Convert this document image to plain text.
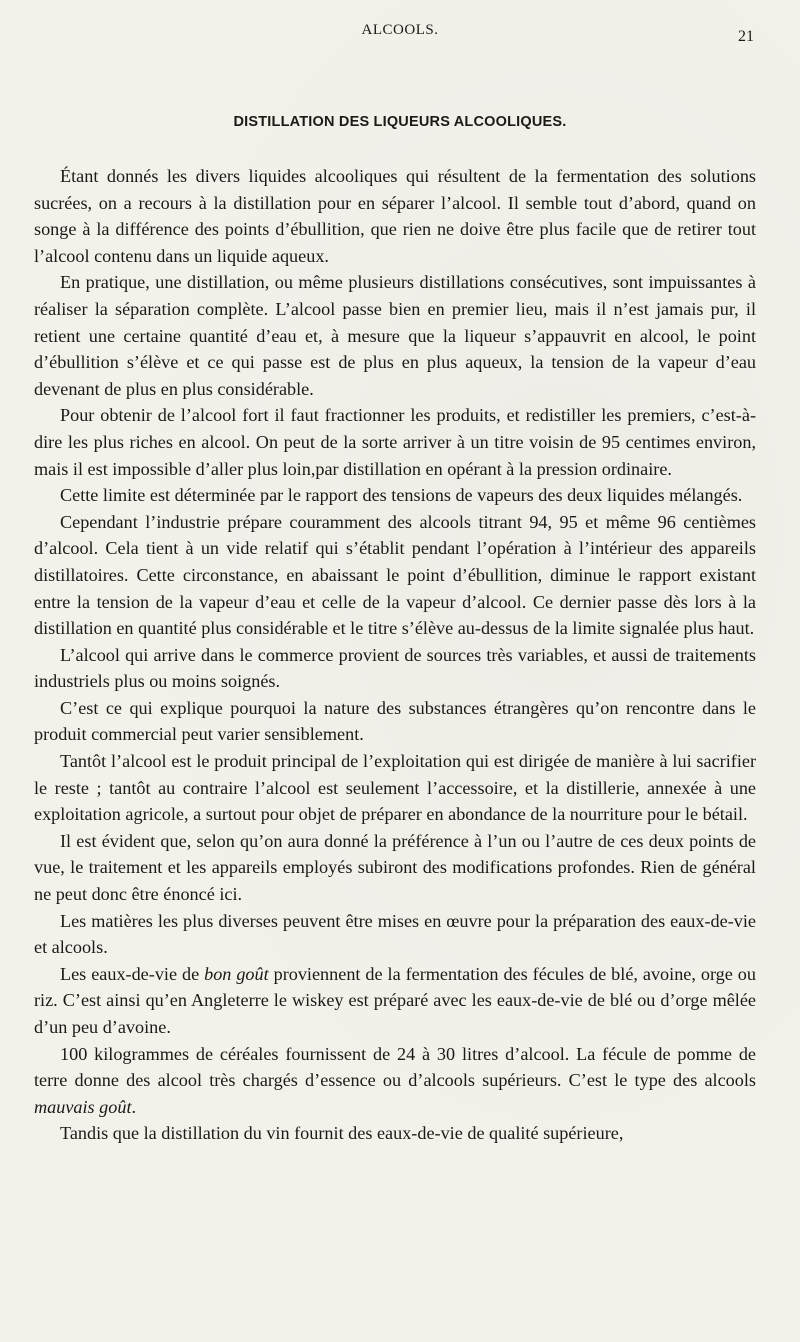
ALCOOLS.	21
DISTILLATION DES LIQUEURS ALCOOLIQUES.

Étant donnés les divers liquides alcooliques qui résultent de la fermentation des solutions sucrées, on a recours à la distillation pour en séparer l’alcool. Il semble tout d’abord, quand on songe à la différence des points d’ébullition, que rien ne doive être plus facile que de retirer tout l’alcool contenu dans un liquide aqueux.

En pratique, une distillation, ou même plusieurs distillations consécutives, sont impuissantes à réaliser la séparation complète. L’alcool passe bien en premier lieu, mais il n’est jamais pur, il retient une certaine quantité d’eau et, à mesure que la liqueur s’appauvrit en alcool, le point d’ébullition s’élève et ce qui passe est de plus en plus aqueux, la tension de la vapeur d’eau devenant de plus en plus considérable.

Pour obtenir de l’alcool fort il faut fractionner les produits, et redistiller les premiers, c’est-à-dire les plus riches en alcool. On peut de la sorte arriver à un titre voisin de 95 centimes environ, mais il est impossible d’aller plus loin,par distillation en opérant à la pression ordinaire.

Cette limite est déterminée par le rapport des tensions de vapeurs des deux liquides mélangés.

Cependant l’industrie prépare couramment des alcools titrant 94, 95 et même 96 centièmes d’alcool. Cela tient à un vide relatif qui s’établit pendant l’opération à l’intérieur des appareils distillatoires. Cette circonstance, en abaissant le point d’ébullition, diminue le rapport existant entre la tension de la vapeur d’eau et celle de la vapeur d’alcool. Ce dernier passe dès lors à la distillation en quantité plus considérable et le titre s’élève au-dessus de la limite signalée plus haut.

L’alcool qui arrive dans le commerce provient de sources très variables, et aussi de traitements industriels plus ou moins soignés.

C’est ce qui explique pourquoi la nature des substances étrangères qu’on rencontre dans le produit commercial peut varier sensiblement.

Tantôt l’alcool est le produit principal de l’exploitation qui est dirigée de manière à lui sacrifier le reste ; tantôt au contraire l’alcool est seulement l’accessoire, et la distillerie, annexée à une exploitation agricole, a surtout pour objet de préparer en abondance de la nourriture pour le bétail.

Il est évident que, selon qu’on aura donné la préférence à l’un ou l’autre de ces deux points de vue, le traitement et les appareils employés subiront des modifications profondes. Rien de général ne peut donc être énoncé ici.

Les matières les plus diverses peuvent être mises en œuvre pour la préparation des eaux-de-vie et alcools.

Les eaux-de-vie de bon goût proviennent de la fermentation des fécules de blé, avoine, orge ou riz. C’est ainsi qu’en Angleterre le wiskey est préparé avec les eaux-de-vie de blé ou d’orge mêlée d’un peu d’avoine.

100 kilogrammes de céréales fournissent de 24 à 30 litres d’alcool. La fécule de pomme de terre donne des alcool très chargés d’essence ou d’alcools supérieurs. C’est le type des alcools mauvais goût.

Tandis que la distillation du vin fournit des eaux-de-vie de qualité supérieure,
